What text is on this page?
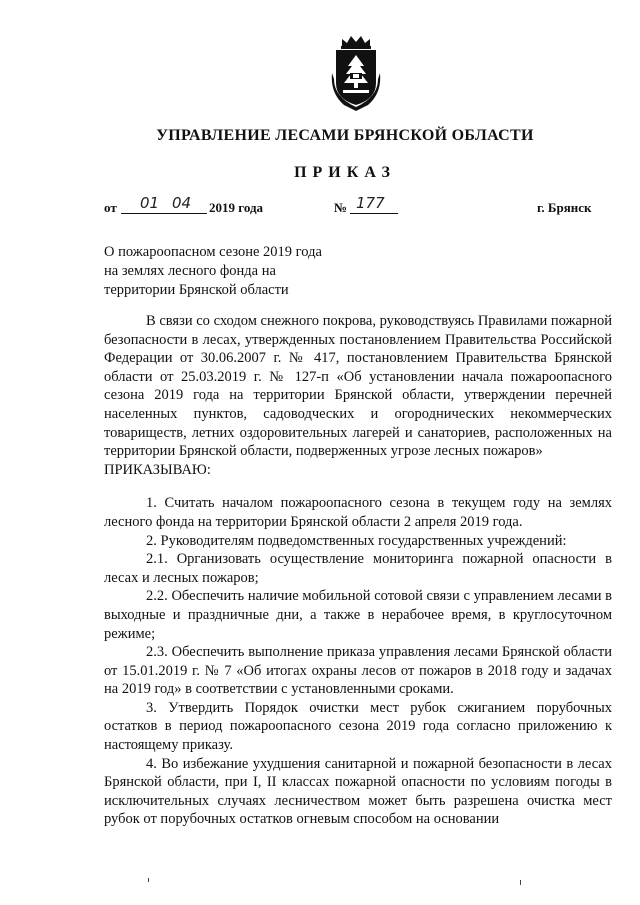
УПРАВЛЕНИЕ ЛЕСАМИ БРЯНСКОЙ ОБЛАСТИ
ПРИКАЗ
от 01 04 2019 года	№ 177	г. Брянск
О пожароопасном сезоне 2019 года
на землях лесного фонда на
территории Брянской области

В связи со сходом снежного покрова, руководствуясь Правилами пожарной безопасности в лесах, утвержденных постановлением Правительства Российской Федерации от 30.06.2007 г. № 417, постановлением Правительства Брянской области от 25.03.2019 г. № 127-п «Об установлении начала пожароопасного сезона 2019 года на территории Брянской области, утверждении перечней населенных пунктов, садоводческих и огороднических некоммерческих товариществ, летних оздоровительных лагерей и санаториев, расположенных на территории Брянской области, подверженных угрозе лесных пожаров»

ПРИКАЗЫВАЮ:

1. Считать началом пожароопасного сезона в текущем году на землях лесного фонда на территории Брянской области 2 апреля 2019 года.

2. Руководителям подведомственных государственных учреждений:

2.1. Организовать осуществление мониторинга пожарной опасности в лесах и лесных пожаров;

2.2. Обеспечить наличие мобильной сотовой связи с управлением лесами в выходные и праздничные дни, а также в нерабочее время, в круглосуточном режиме;

2.3. Обеспечить выполнение приказа управления лесами Брянской области от 15.01.2019 г. № 7 «Об итогах охраны лесов от пожаров в 2018 году и задачах на 2019 год» в соответствии с установленными сроками.

3. Утвердить Порядок очистки мест рубок сжиганием порубочных остатков в период пожароопасного сезона 2019 года согласно приложению к настоящему приказу.

4. Во избежание ухудшения санитарной и пожарной безопасности в лесах Брянской области, при I, II классах пожарной опасности по условиям погоды в исключительных случаях лесничеством может быть разрешена очистка мест рубок от порубочных остатков огневым способом на основании
